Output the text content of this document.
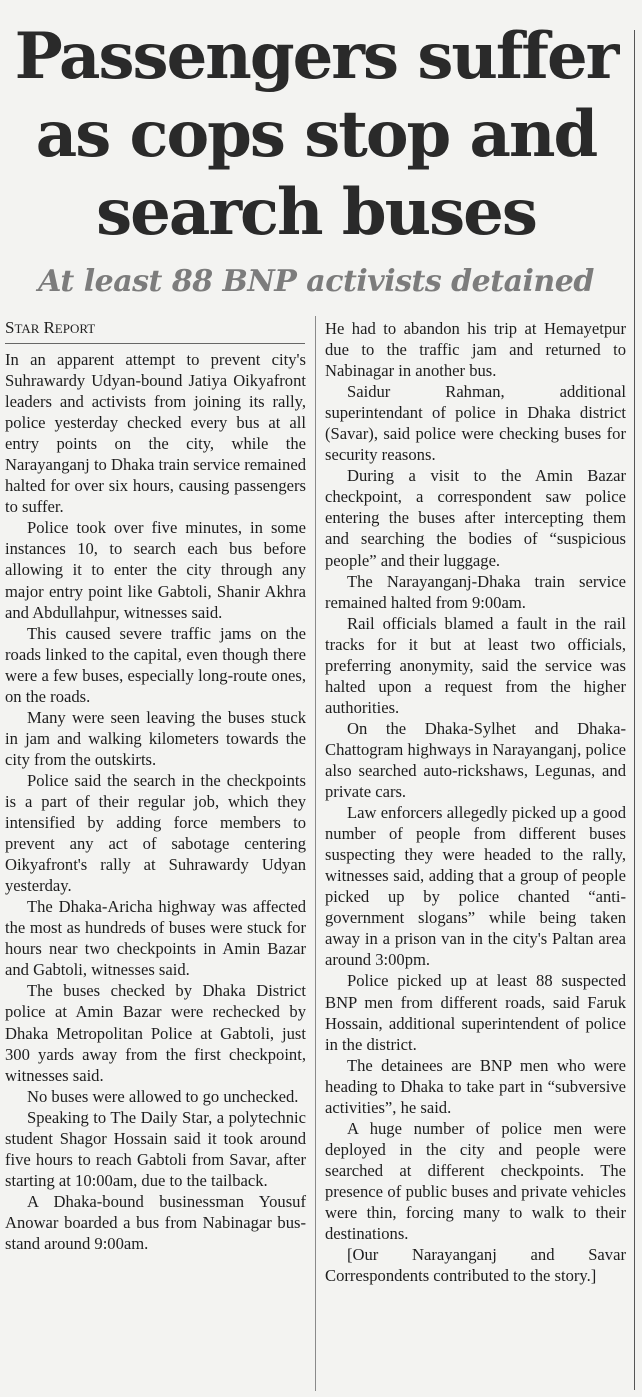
Passengers suffer
as cops stop and
search buses
At least 88 BNP activists detained
STAR REPORT

In an apparent attempt to prevent city's Suhrawardy Udyan-bound Jatiya Oikyafront leaders and activists from joining its rally, police yesterday checked every bus at all entry points on the city, while the Narayanganj to Dhaka train service remained halted for over six hours, causing passengers to suffer.

Police took over five minutes, in some instances 10, to search each bus before allowing it to enter the city through any major entry point like Gabtoli, Shanir Akhra and Abdullahpur, witnesses said.

This caused severe traffic jams on the roads linked to the capital, even though there were a few buses, especially long-route ones, on the roads.

Many were seen leaving the buses stuck in jam and walking kilometers towards the city from the outskirts.

Police said the search in the checkpoints is a part of their regular job, which they intensified by adding force members to prevent any act of sabotage centering Oikyafront's rally at Suhrawardy Udyan yesterday.

The Dhaka-Aricha highway was affected the most as hundreds of buses were stuck for hours near two checkpoints in Amin Bazar and Gabtoli, witnesses said.

The buses checked by Dhaka District police at Amin Bazar were rechecked by Dhaka Metropolitan Police at Gabtoli, just 300 yards away from the first checkpoint, witnesses said.

No buses were allowed to go unchecked.

Speaking to The Daily Star, a polytechnic student Shagor Hossain said it took around five hours to reach Gabtoli from Savar, after starting at 10:00am, due to the tailback.

A Dhaka-bound businessman Yousuf Anowar boarded a bus from Nabinagar bus-stand around 9:00am.

He had to abandon his trip at Hemayetpur due to the traffic jam and returned to Nabinagar in another bus.

Saidur Rahman, additional superintendant of police in Dhaka district (Savar), said police were checking buses for security reasons.

During a visit to the Amin Bazar checkpoint, a correspondent saw police entering the buses after intercepting them and searching the bodies of “suspicious people” and their luggage.

The Narayanganj-Dhaka train service remained halted from 9:00am.

Rail officials blamed a fault in the rail tracks for it but at least two officials, preferring anonymity, said the service was halted upon a request from the higher authorities.

On the Dhaka-Sylhet and Dhaka-Chattogram highways in Narayanganj, police also searched auto-rickshaws, Legunas, and private cars.

Law enforcers allegedly picked up a good number of people from different buses suspecting they were headed to the rally, witnesses said, adding that a group of people picked up by police chanted “anti-government slogans” while being taken away in a prison van in the city's Paltan area around 3:00pm.

Police picked up at least 88 suspected BNP men from different roads, said Faruk Hossain, additional superintendent of police in the district.

The detainees are BNP men who were heading to Dhaka to take part in “subversive activities”, he said.

A huge number of police men were deployed in the city and people were searched at different checkpoints. The presence of public buses and private vehicles were thin, forcing many to walk to their destinations.

[Our Narayanganj and Savar Correspondents contributed to the story.]
